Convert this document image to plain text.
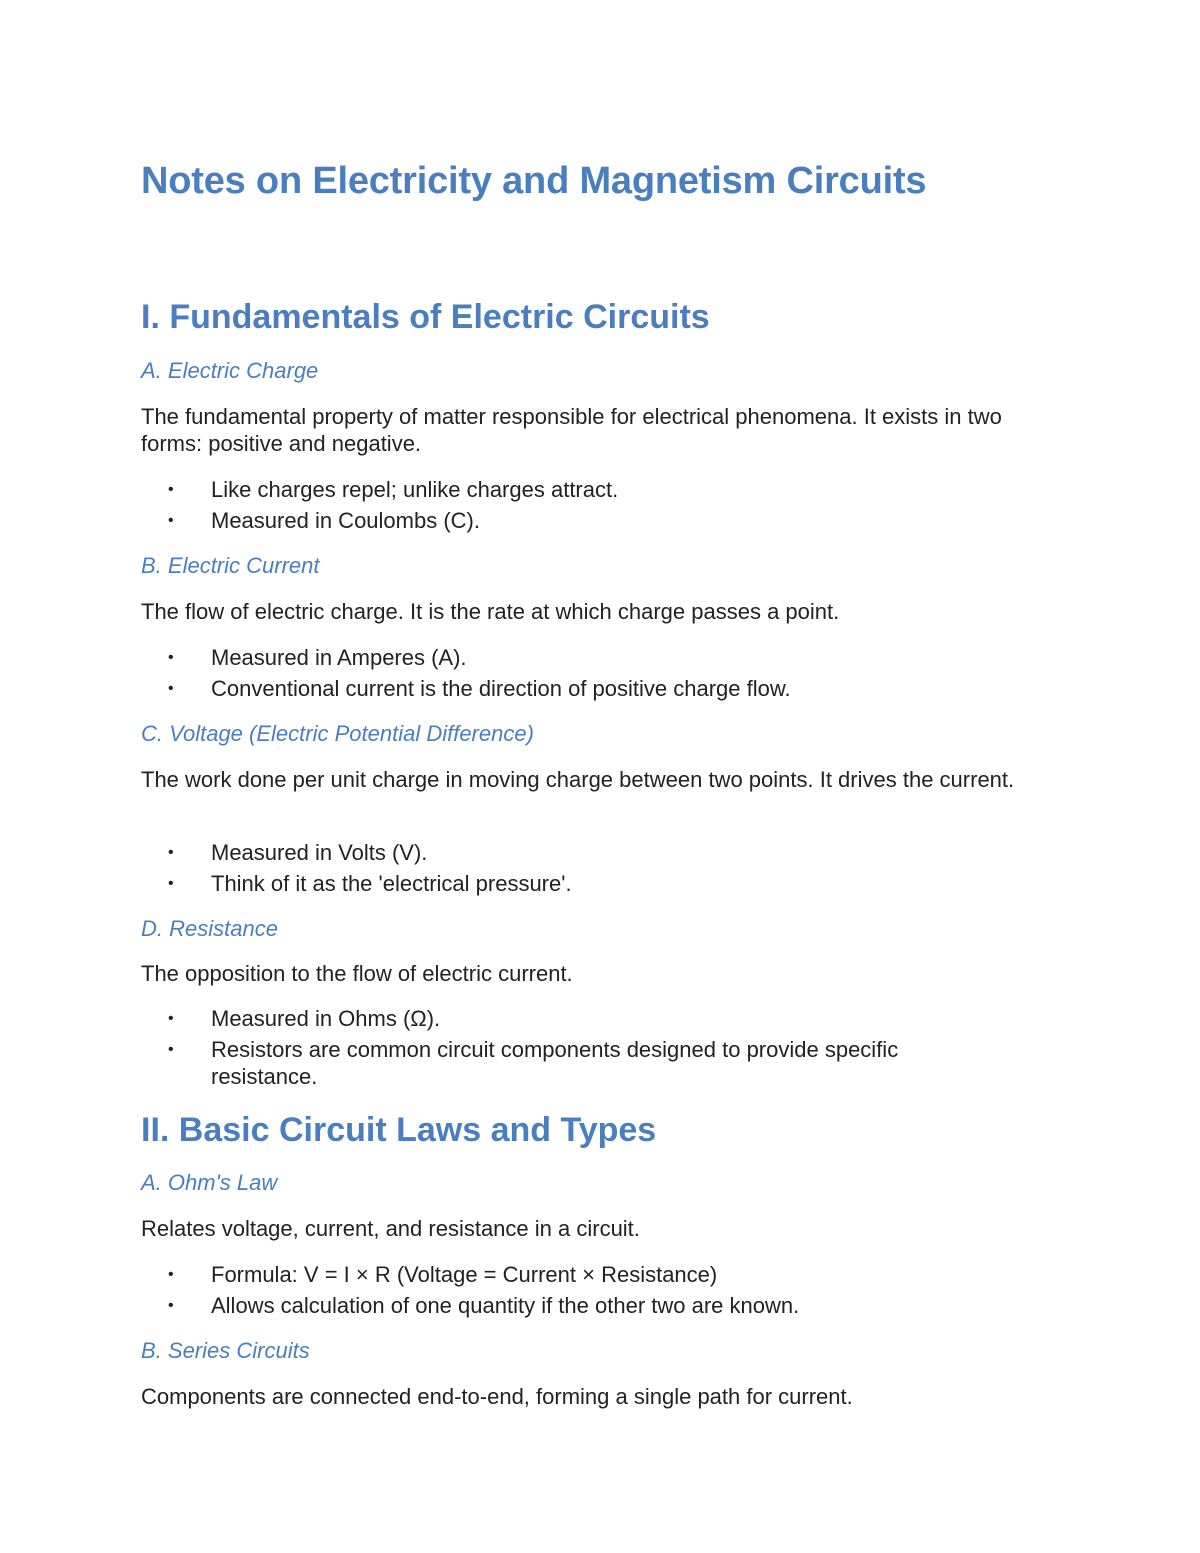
Notes on Electricity and Magnetism Circuits
I. Fundamentals of Electric Circuits
A. Electric Charge

The fundamental property of matter responsible for electrical phenomena. It exists in two forms: positive and negative.

• Like charges repel; unlike charges attract.
• Measured in Coulombs (C).
B. Electric Current

The flow of electric charge. It is the rate at which charge passes a point.

• Measured in Amperes (A).
• Conventional current is the direction of positive charge flow.
C. Voltage (Electric Potential Difference)

The work done per unit charge in moving charge between two points. It drives the current.

• Measured in Volts (V).
• Think of it as the 'electrical pressure'.
D. Resistance

The opposition to the flow of electric current.

• Measured in Ohms (Ω).
• Resistors are common circuit components designed to provide specific resistance.
II. Basic Circuit Laws and Types
A. Ohm's Law

Relates voltage, current, and resistance in a circuit.

• Formula: V = I × R (Voltage = Current × Resistance)
• Allows calculation of one quantity if the other two are known.
B. Series Circuits

Components are connected end-to-end, forming a single path for current.
